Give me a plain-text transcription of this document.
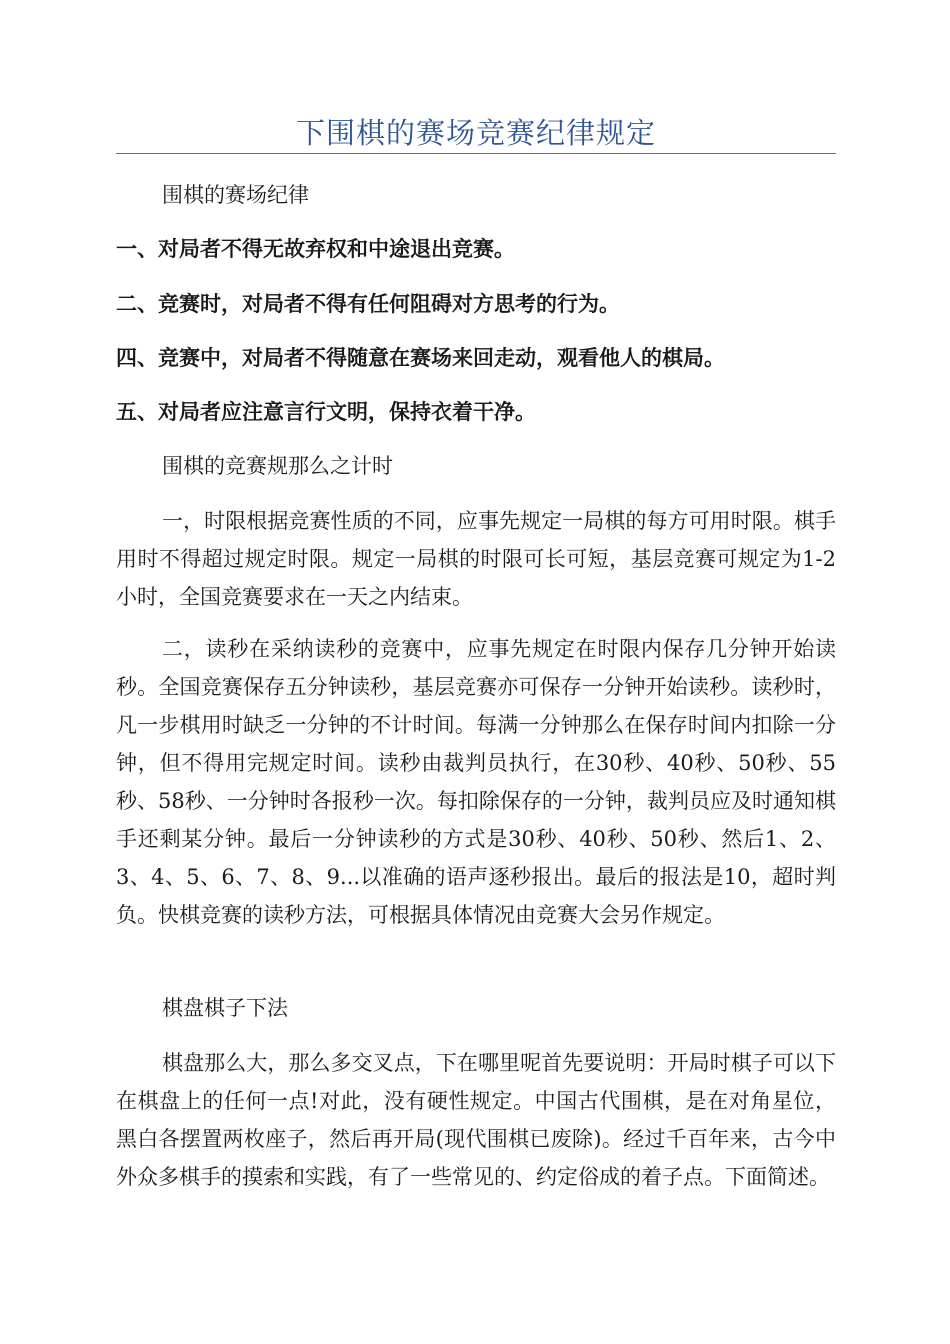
下围棋的赛场竞赛纪律规定

围棋的赛场纪律

一、对局者不得无故弃权和中途退出竞赛。

二、竞赛时，对局者不得有任何阻碍对方思考的行为。

四、竞赛中，对局者不得随意在赛场来回走动，观看他人的棋局。

五、对局者应注意言行文明，保持衣着干净。

围棋的竞赛规那么之计时

一，时限根据竞赛性质的不同，应事先规定一局棋的每方可用时限。棋手用时不得超过规定时限。规定一局棋的时限可长可短，基层竞赛可规定为1-2小时，全国竞赛要求在一天之内结束。

二，读秒在采纳读秒的竞赛中，应事先规定在时限内保存几分钟开始读秒。全国竞赛保存五分钟读秒，基层竞赛亦可保存一分钟开始读秒。读秒时，凡一步棋用时缺乏一分钟的不计时间。每满一分钟那么在保存时间内扣除一分钟，但不得用完规定时间。读秒由裁判员执行，在30秒、40秒、50秒、55秒、58秒、一分钟时各报秒一次。每扣除保存的一分钟，裁判员应及时通知棋手还剩某分钟。最后一分钟读秒的方式是30秒、40秒、50秒、然后1、2、3、4、5、6、7、8、9...以准确的语声逐秒报出。最后的报法是10，超时判负。快棋竞赛的读秒方法，可根据具体情况由竞赛大会另作规定。

棋盘棋子下法

棋盘那么大，那么多交叉点，下在哪里呢首先要说明：开局时棋子可以下在棋盘上的任何一点!对此，没有硬性规定。中国古代围棋，是在对角星位，黑白各摆置两枚座子，然后再开局(现代围棋已废除)。经过千百年来，古今中外众多棋手的摸索和实践，有了一些常见的、约定俗成的着子点。下面简述。
